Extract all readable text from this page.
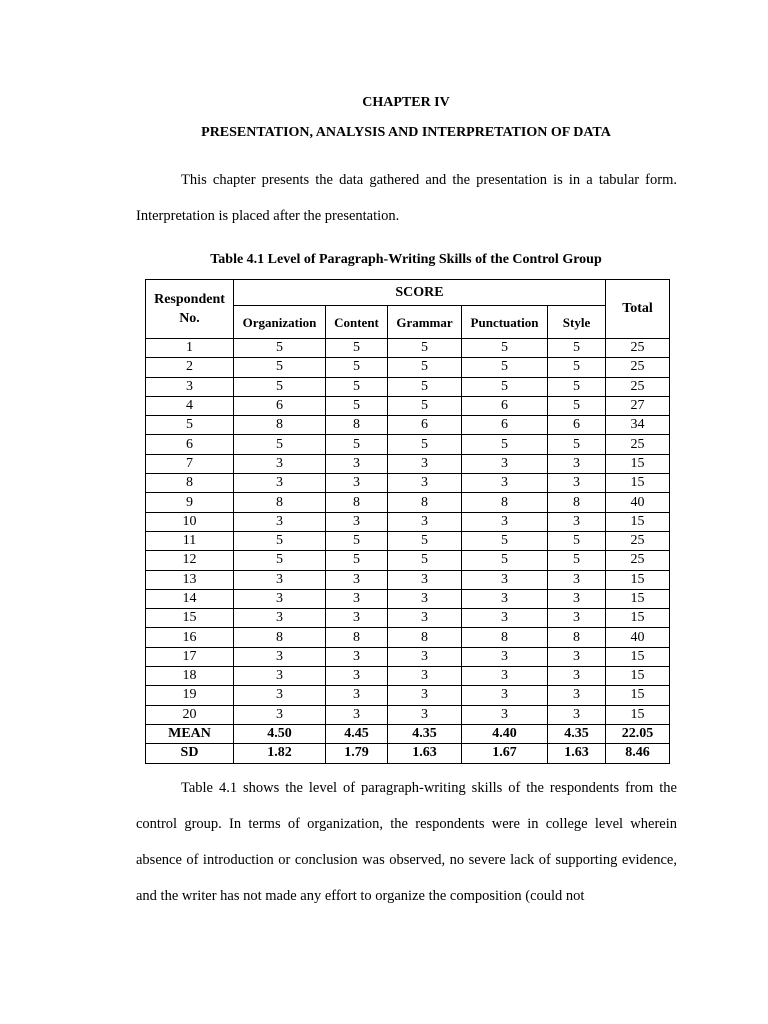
CHAPTER IV

PRESENTATION, ANALYSIS AND INTERPRETATION OF DATA

This chapter presents the data gathered and the presentation is in a tabular form. Interpretation is placed after the presentation.

Table 4.1 Level of Paragraph-Writing Skills of the Control Group

Respondent No.	SCORE					Total
	Organization	Content	Grammar	Punctuation	Style	
1	5	5	5	5	5	25
2	5	5	5	5	5	25
3	5	5	5	5	5	25
4	6	5	5	6	5	27
5	8	8	6	6	6	34
6	5	5	5	5	5	25
7	3	3	3	3	3	15
8	3	3	3	3	3	15
9	8	8	8	8	8	40
10	3	3	3	3	3	15
11	5	5	5	5	5	25
12	5	5	5	5	5	25
13	3	3	3	3	3	15
14	3	3	3	3	3	15
15	3	3	3	3	3	15
16	8	8	8	8	8	40
17	3	3	3	3	3	15
18	3	3	3	3	3	15
19	3	3	3	3	3	15
20	3	3	3	3	3	15
MEAN	4.50	4.45	4.35	4.40	4.35	22.05
SD	1.82	1.79	1.63	1.67	1.63	8.46

Table 4.1 shows the level of paragraph-writing skills of the respondents from the control group. In terms of organization, the respondents were in college level wherein absence of introduction or conclusion was observed, no severe lack of supporting evidence, and the writer has not made any effort to organize the composition (could not
